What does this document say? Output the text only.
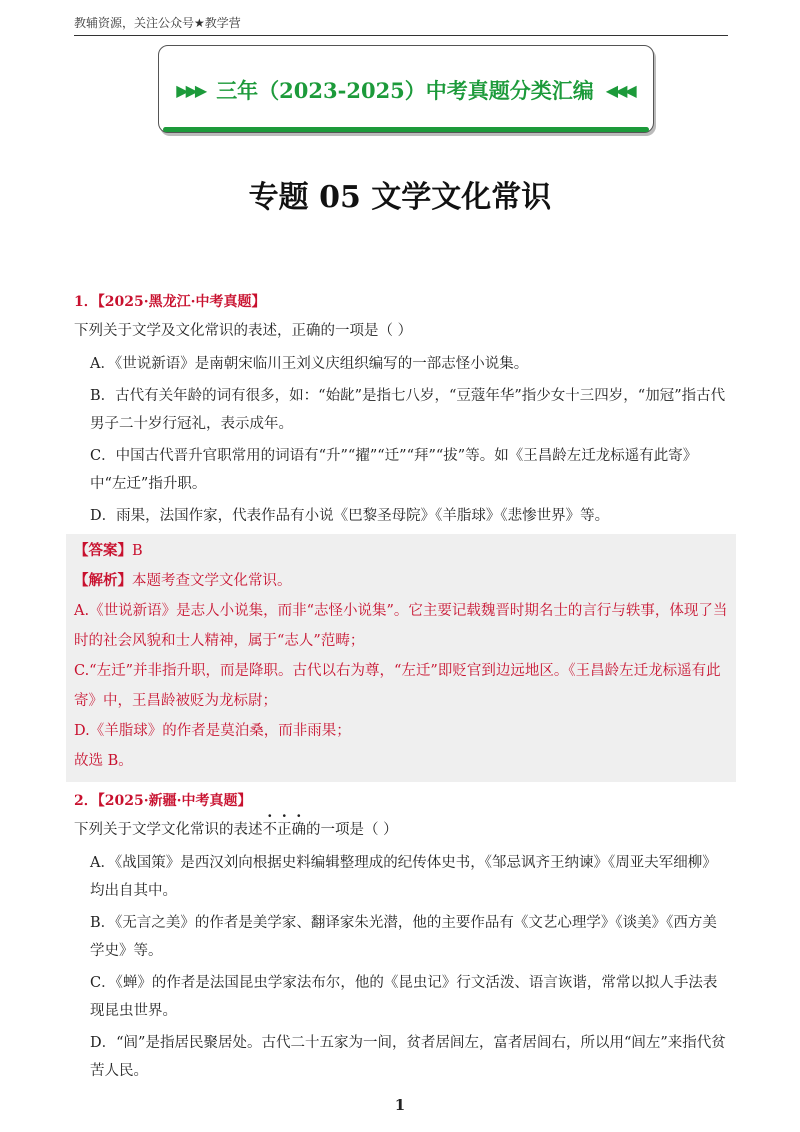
教辅资源，关注公众号★教学营
▶▶▶ 三年（2023-2025）中考真题分类汇编 ◀◀◀
专题 05 文学文化常识
1．【2025·黑龙江·中考真题】
下列关于文学及文化常识的表述，正确的一项是（ ）
A．《世说新语》是南朝宋临川王刘义庆组织编写的一部志怪小说集。
B．古代有关年龄的词有很多，如：“始龀”是指七八岁，“豆蔻年华”指少女十三四岁，“加冠”指古代男子二十岁行冠礼，表示成年。
C．中国古代晋升官职常用的词语有“升”“擢”“迁”“拜”“拔”等。如《王昌龄左迁龙标遥有此寄》中“左迁”指升职。
D．雨果，法国作家，代表作品有小说《巴黎圣母院》《羊脂球》《悲惨世界》等。

【答案】B

【解析】本题考查文学文化常识。

A.《世说新语》是志人小说集，而非“志怪小说集”。它主要记载魏晋时期名士的言行与轶事，体现了当时的社会风貌和士人精神，属于“志人”范畴；

C.“左迁”并非指升职，而是降职。古代以右为尊，“左迁”即贬官到边远地区。《王昌龄左迁龙标遥有此寄》中，王昌龄被贬为龙标尉；

D.《羊脂球》的作者是莫泊桑，而非雨果；

故选 B。

2．【2025·新疆·中考真题】
下列关于文学文化常识的表述不正确的一项是（ ）
A．《战国策》是西汉刘向根据史料编辑整理成的纪传体史书，《邹忌讽齐王纳谏》《周亚夫军细柳》均出自其中。
B．《无言之美》的作者是美学家、翻译家朱光潜，他的主要作品有《文艺心理学》《谈美》《西方美学史》等。
C．《蝉》的作者是法国昆虫学家法布尔，他的《昆虫记》行文活泼、语言诙谐，常常以拟人手法表现昆虫世界。
D．“闾”是指居民聚居处。古代二十五家为一间，贫者居闾左，富者居闾右，所以用“闾左”来指代贫苦人民。
1
